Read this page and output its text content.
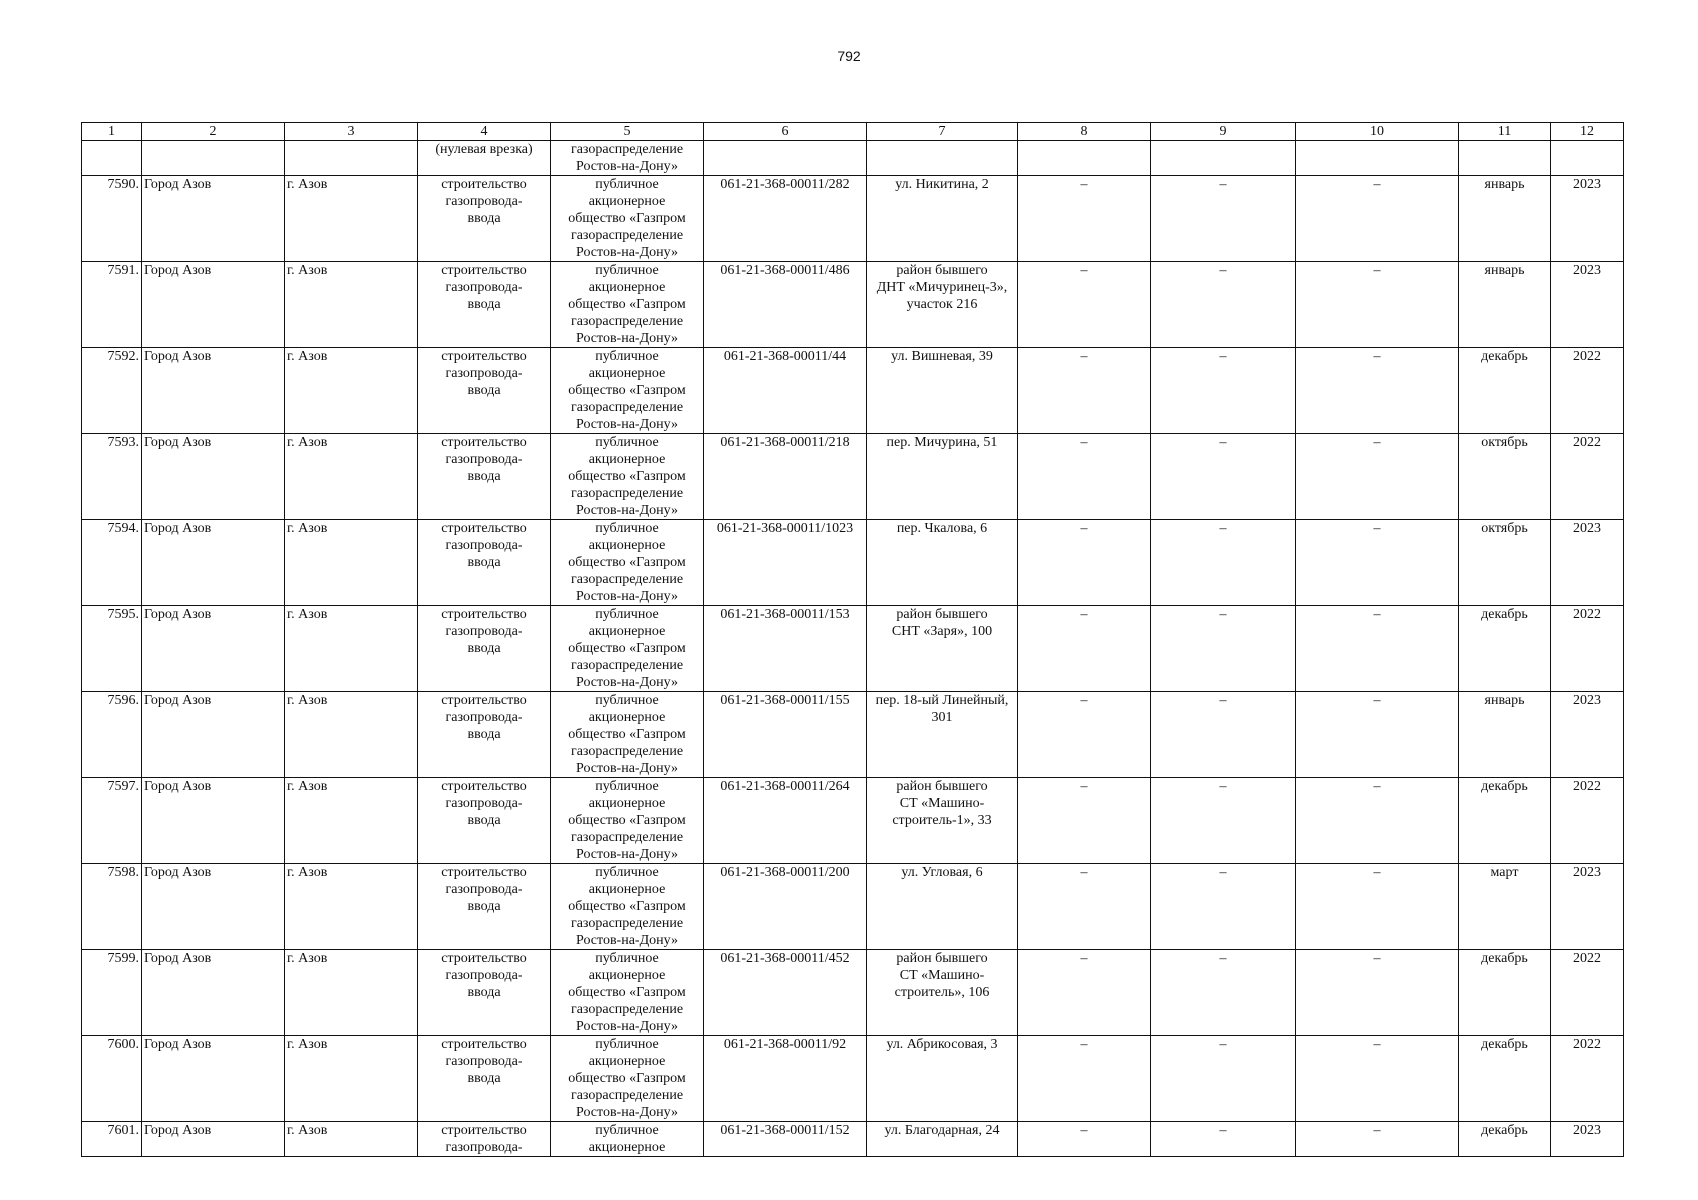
792
1	2	3	4	5	6	7	8	9	10	11	12
			(нулевая врезка)	газораспределение
Ростов-на-Дону»							
7590.	Город Азов	г. Азов	строительство
газопровода-
ввода	публичное
акционерное
общество «Газпром
газораспределение
Ростов-на-Дону»	061-21-368-00011/282	ул. Никитина, 2	–	–	–	январь	2023
7591.	Город Азов	г. Азов	строительство
газопровода-
ввода	публичное
акционерное
общество «Газпром
газораспределение
Ростов-на-Дону»	061-21-368-00011/486	район бывшего
ДНТ «Мичуринец-3»,
участок 216	–	–	–	январь	2023
7592.	Город Азов	г. Азов	строительство
газопровода-
ввода	публичное
акционерное
общество «Газпром
газораспределение
Ростов-на-Дону»	061-21-368-00011/44	ул. Вишневая, 39	–	–	–	декабрь	2022
7593.	Город Азов	г. Азов	строительство
газопровода-
ввода	публичное
акционерное
общество «Газпром
газораспределение
Ростов-на-Дону»	061-21-368-00011/218	пер. Мичурина, 51	–	–	–	октябрь	2022
7594.	Город Азов	г. Азов	строительство
газопровода-
ввода	публичное
акционерное
общество «Газпром
газораспределение
Ростов-на-Дону»	061-21-368-00011/1023	пер. Чкалова, 6	–	–	–	октябрь	2023
7595.	Город Азов	г. Азов	строительство
газопровода-
ввода	публичное
акционерное
общество «Газпром
газораспределение
Ростов-на-Дону»	061-21-368-00011/153	район бывшего
СНТ «Заря», 100	–	–	–	декабрь	2022
7596.	Город Азов	г. Азов	строительство
газопровода-
ввода	публичное
акционерное
общество «Газпром
газораспределение
Ростов-на-Дону»	061-21-368-00011/155	пер. 18-ый Линейный,
301	–	–	–	январь	2023
7597.	Город Азов	г. Азов	строительство
газопровода-
ввода	публичное
акционерное
общество «Газпром
газораспределение
Ростов-на-Дону»	061-21-368-00011/264	район бывшего
СТ «Машино-
строитель-1», 33	–	–	–	декабрь	2022
7598.	Город Азов	г. Азов	строительство
газопровода-
ввода	публичное
акционерное
общество «Газпром
газораспределение
Ростов-на-Дону»	061-21-368-00011/200	ул. Угловая, 6	–	–	–	март	2023
7599.	Город Азов	г. Азов	строительство
газопровода-
ввода	публичное
акционерное
общество «Газпром
газораспределение
Ростов-на-Дону»	061-21-368-00011/452	район бывшего
СТ «Машино-
строитель», 106	–	–	–	декабрь	2022
7600.	Город Азов	г. Азов	строительство
газопровода-
ввода	публичное
акционерное
общество «Газпром
газораспределение
Ростов-на-Дону»	061-21-368-00011/92	ул. Абрикосовая, 3	–	–	–	декабрь	2022
7601.	Город Азов	г. Азов	строительство
газопровода-	публичное
акционерное	061-21-368-00011/152	ул. Благодарная, 24	–	–	–	декабрь	2023
